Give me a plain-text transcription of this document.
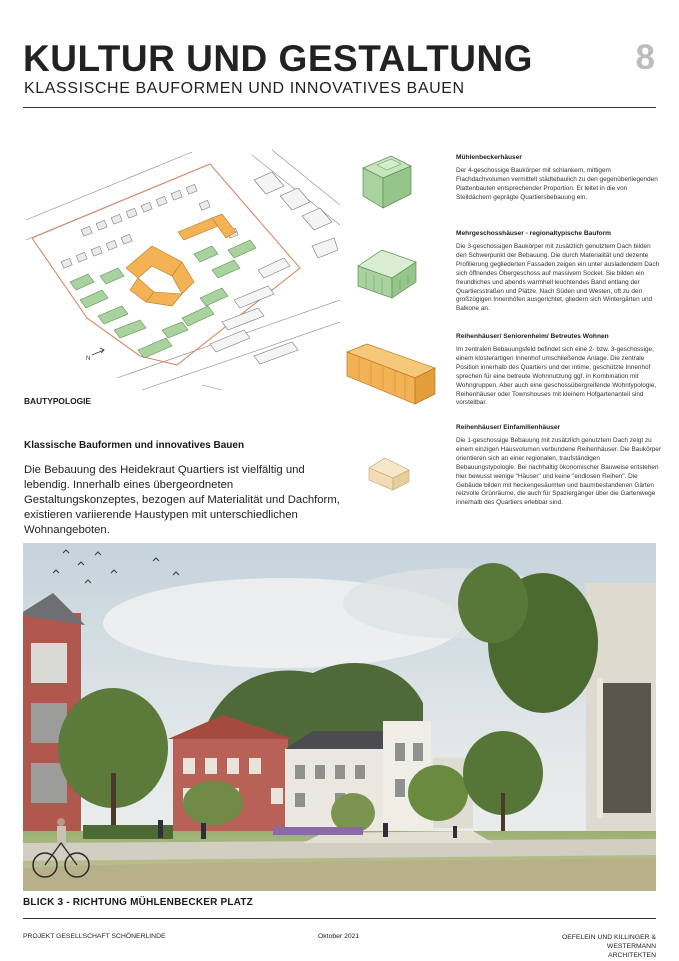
KULTUR UND GESTALTUNG	8
KLASSISCHE BAUFORMEN UND INNOVATIVES BAUEN
N
BAUTYPOLOGIE
Klassische Bauformen und innovatives Bauen
Die Bebauung des Heidekraut Quartiers ist vielfältig und lebendig. Innerhalb eines übergeordneten Gestaltungskonzeptes, bezogen auf Materialität und Dachform, existieren variierende Haustypen mit unterschiedlichen Wohnangeboten.
Mühlenbeckerhäuser

Der 4-geschossige Baukörper mit schlankem, mittigem Flachdachvolumen vermittelt städtebaulich zu den gegenüberliegenden Plattenbauten entsprechender Proportion. Er leitet in die von Steildächern geprägte Quartiersbebauung ein.

Mehrgeschosshäuser - regionaltypische Bauform

Die 3-geschossigen Baukörper mit zusätzlich genutztem Dach bilden den Schwerpunkt der Bebauung. Die durch Materialität und dezente Profilierung gegliederten Fassaden zeigen ein unter ausladendem Dach sich öffnendes Obergeschoss auf massivem Sockel. Sie bilden ein freundliches und abends warmhell leuchtendes Band entlang der Quartiersstraßen und Plätze. Nach Süden und Westen, oft zu den großzügigen Innenhöfen ausgerichtet, gliedern sich Wintergärten und Balkone an.

Reihenhäuser/ Seniorenheim/ Betreutes Wohnen

Im zentralen Bebauungsfeld befindet sich eine 2- bzw. 3-geschossige, einem klosterartigen Innenhof umschließende Anlage. Die zentrale Position innerhalb des Quartiers und der intime, geschützte Innenhof sprechen für eine betreute Wohnnutzung ggf. in Kombination mit Wohngruppen. Aber auch eine geschossübergreifende Wohntypologie, Reihenhäuser oder Townshouses mit kleinem Hofgartenanteil sind vorstellbar.

Reihenhäuser/ Einfamilienhäuser

Die 1-geschossige Bebauung mit zusätzlich genutztem Dach zeigt zu einem einzigen Hausvolumen verbundene Reihenhäuser. Die Baukörper orientieren sich an einer regionalen, traufständigen Bebauungstypologie. Bei nachhaltig ökonomischer Bauweise entstehen hier bewusst wenige "Häuser" und keine "endlosen Reihen". Die Gebäude bilden mit heckengesäumten und baumbestandenen Gärten reizvolle Grünräume, die auch für Spaziergänger über die Gartenwege innerhalb des Quartiers erlebbar sind.

BLICK 3 - RICHTUNG MÜHLENBECKER PLATZ
PROJEKT GESELLSCHAFT SCHÖNERLINDE	Oktober 2021	OEFELEIN UND KILLINGER & WESTERMANN
ARCHITEKTEN
